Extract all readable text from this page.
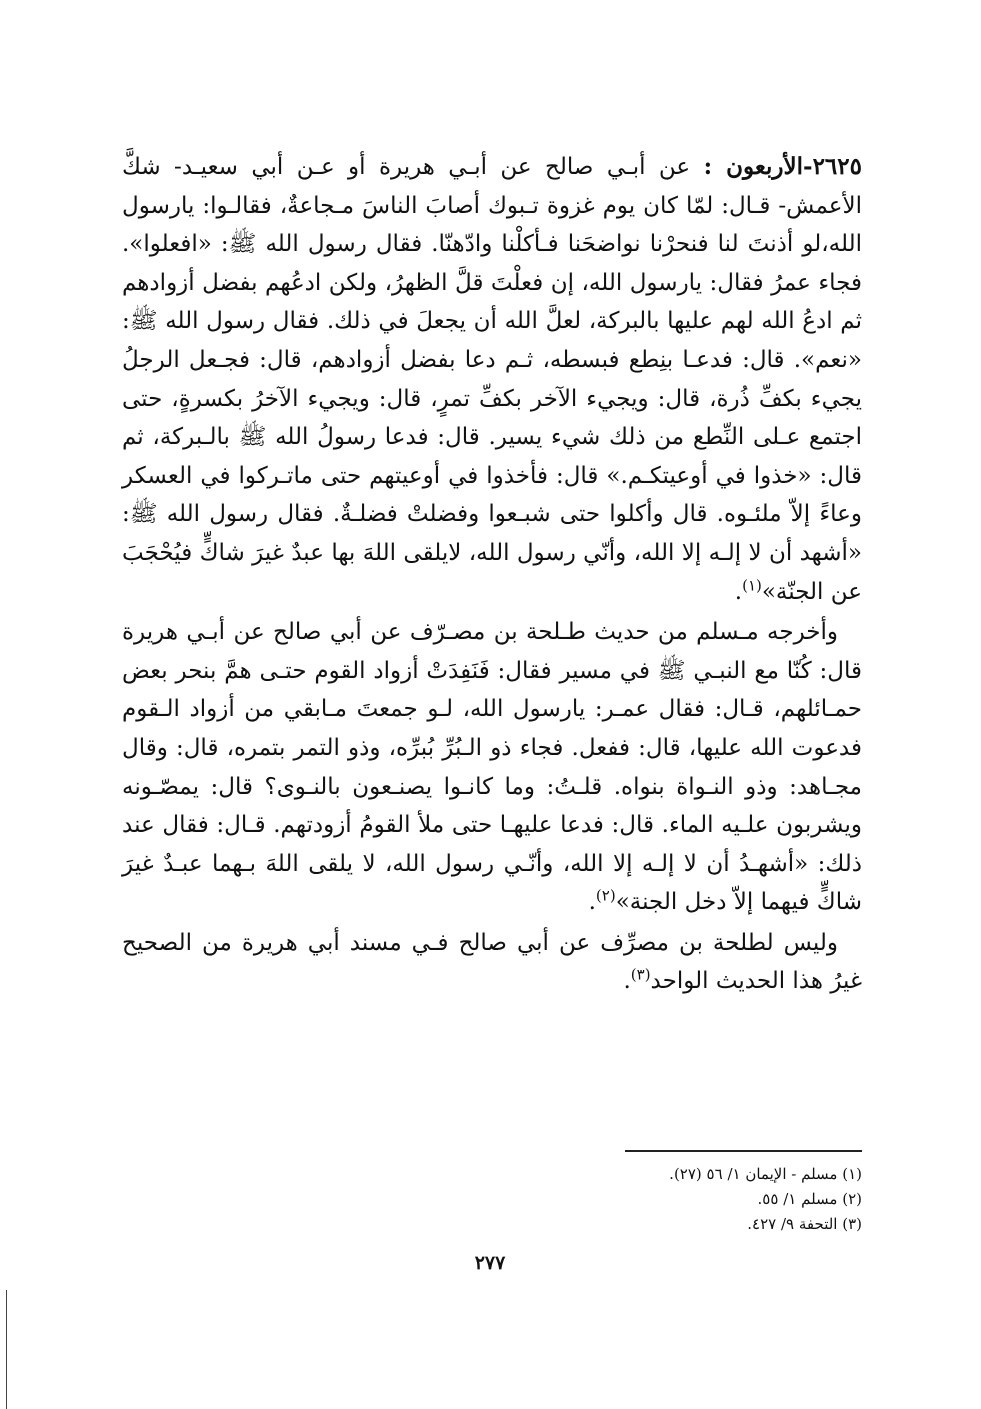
٢٦٢٥-الأربعون : عن أبـي صالح عن أبـي هريرة أو عـن أبي سعيـد- شكَّ الأعمش- قـال: لمّا كان يوم غزوة تـبوك أصابَ الناسَ مـجاعةٌ، فقالـوا: يارسول الله،لو أذنتَ لنا فنحرْنا نواضحَنا فـأكلْنا وادّهنّا. فقال رسول الله ﷺ: «افعلوا». فجاء عمرُ فقال: يارسول الله، إن فعلْتَ قلَّ الظهرُ، ولكن ادعُهم بفضل أزوادهم ثم ادعُ الله لهم عليها بالبركة، لعلَّ الله أن يجعلَ في ذلك. فقال رسول الله ﷺ: «نعم». قال: فدعـا بنِطع فبسطه، ثـم دعا بفضل أزوادهم، قال: فجـعل الرجلُ يجيء بكفِّ ذُرة، قال: ويجيء الآخر بكفِّ تمرٍ، قال: ويجيء الآخرُ بكسرةٍ، حتى اجتمع عـلى النِّطع من ذلك شيء يسير. قال: فدعا رسولُ الله ﷺ بالـبركة، ثم قال: «خذوا في أوعيتكـم.» قال: فأخذوا في أوعيتهم حتى ماتـركوا في العسكر وعاءً إلاّ ملئـوه. قال وأكلوا حتى شبـعوا وفضلتْ فضلـةٌ. فقال رسول الله ﷺ: «أشهد أن لا إلـه إلا الله، وأنّي رسول الله، لايلقى اللهَ بها عبدٌ غيرَ شاكٍّ فيُحْجَبَ عن الجنّة»$^{(١)}$.

وأخرجه مـسلم من حديث طـلحة بن مصـرّف عن أبي صالح عن أبـي هريرة قال: كُنّا مع النبـي ﷺ في مسير فقال: فَنَفِدَتْ أزواد القوم حتـى همَّ بنحر بعض حمـائلهم، قـال: فقال عمـر: يارسول الله، لـو جمعتَ مـابقي من أزواد الـقوم فدعوت الله عليها، قال: ففعل. فجاء ذو الـبُرِّ بُبرِّه، وذو التمر بتمره، قال: وقال مجـاهد: وذو النـواة بنواه. قلـتُ: وما كانـوا يصنـعون بالنـوى؟ قال: يمصّـونه ويشربون علـيه الماء. قال: فدعا عليهـا حتى ملأ القومُ أزودتهم. قـال: فقال عند ذلك: «أشهـدُ أن لا إلـه إلا الله، وأنّـي رسول الله، لا يلقى اللهَ بـهما عبـدٌ غيرَ شاكٍّ فيهما إلاّ دخل الجنة»$^{(٢)}$.

وليس لطلحة بن مصرِّف عن أبي صالح فـي مسند أبي هريرة من الصحيح غيرُ هذا الحديث الواحد$^{(٣)}$.

(١) مسلم - الإيمان ١/ ٥٦ (٢٧).
(٢) مسلم ١/ ٥٥.
(٣) التحفة ٩/ ٤٢٧.
٢٧٧
